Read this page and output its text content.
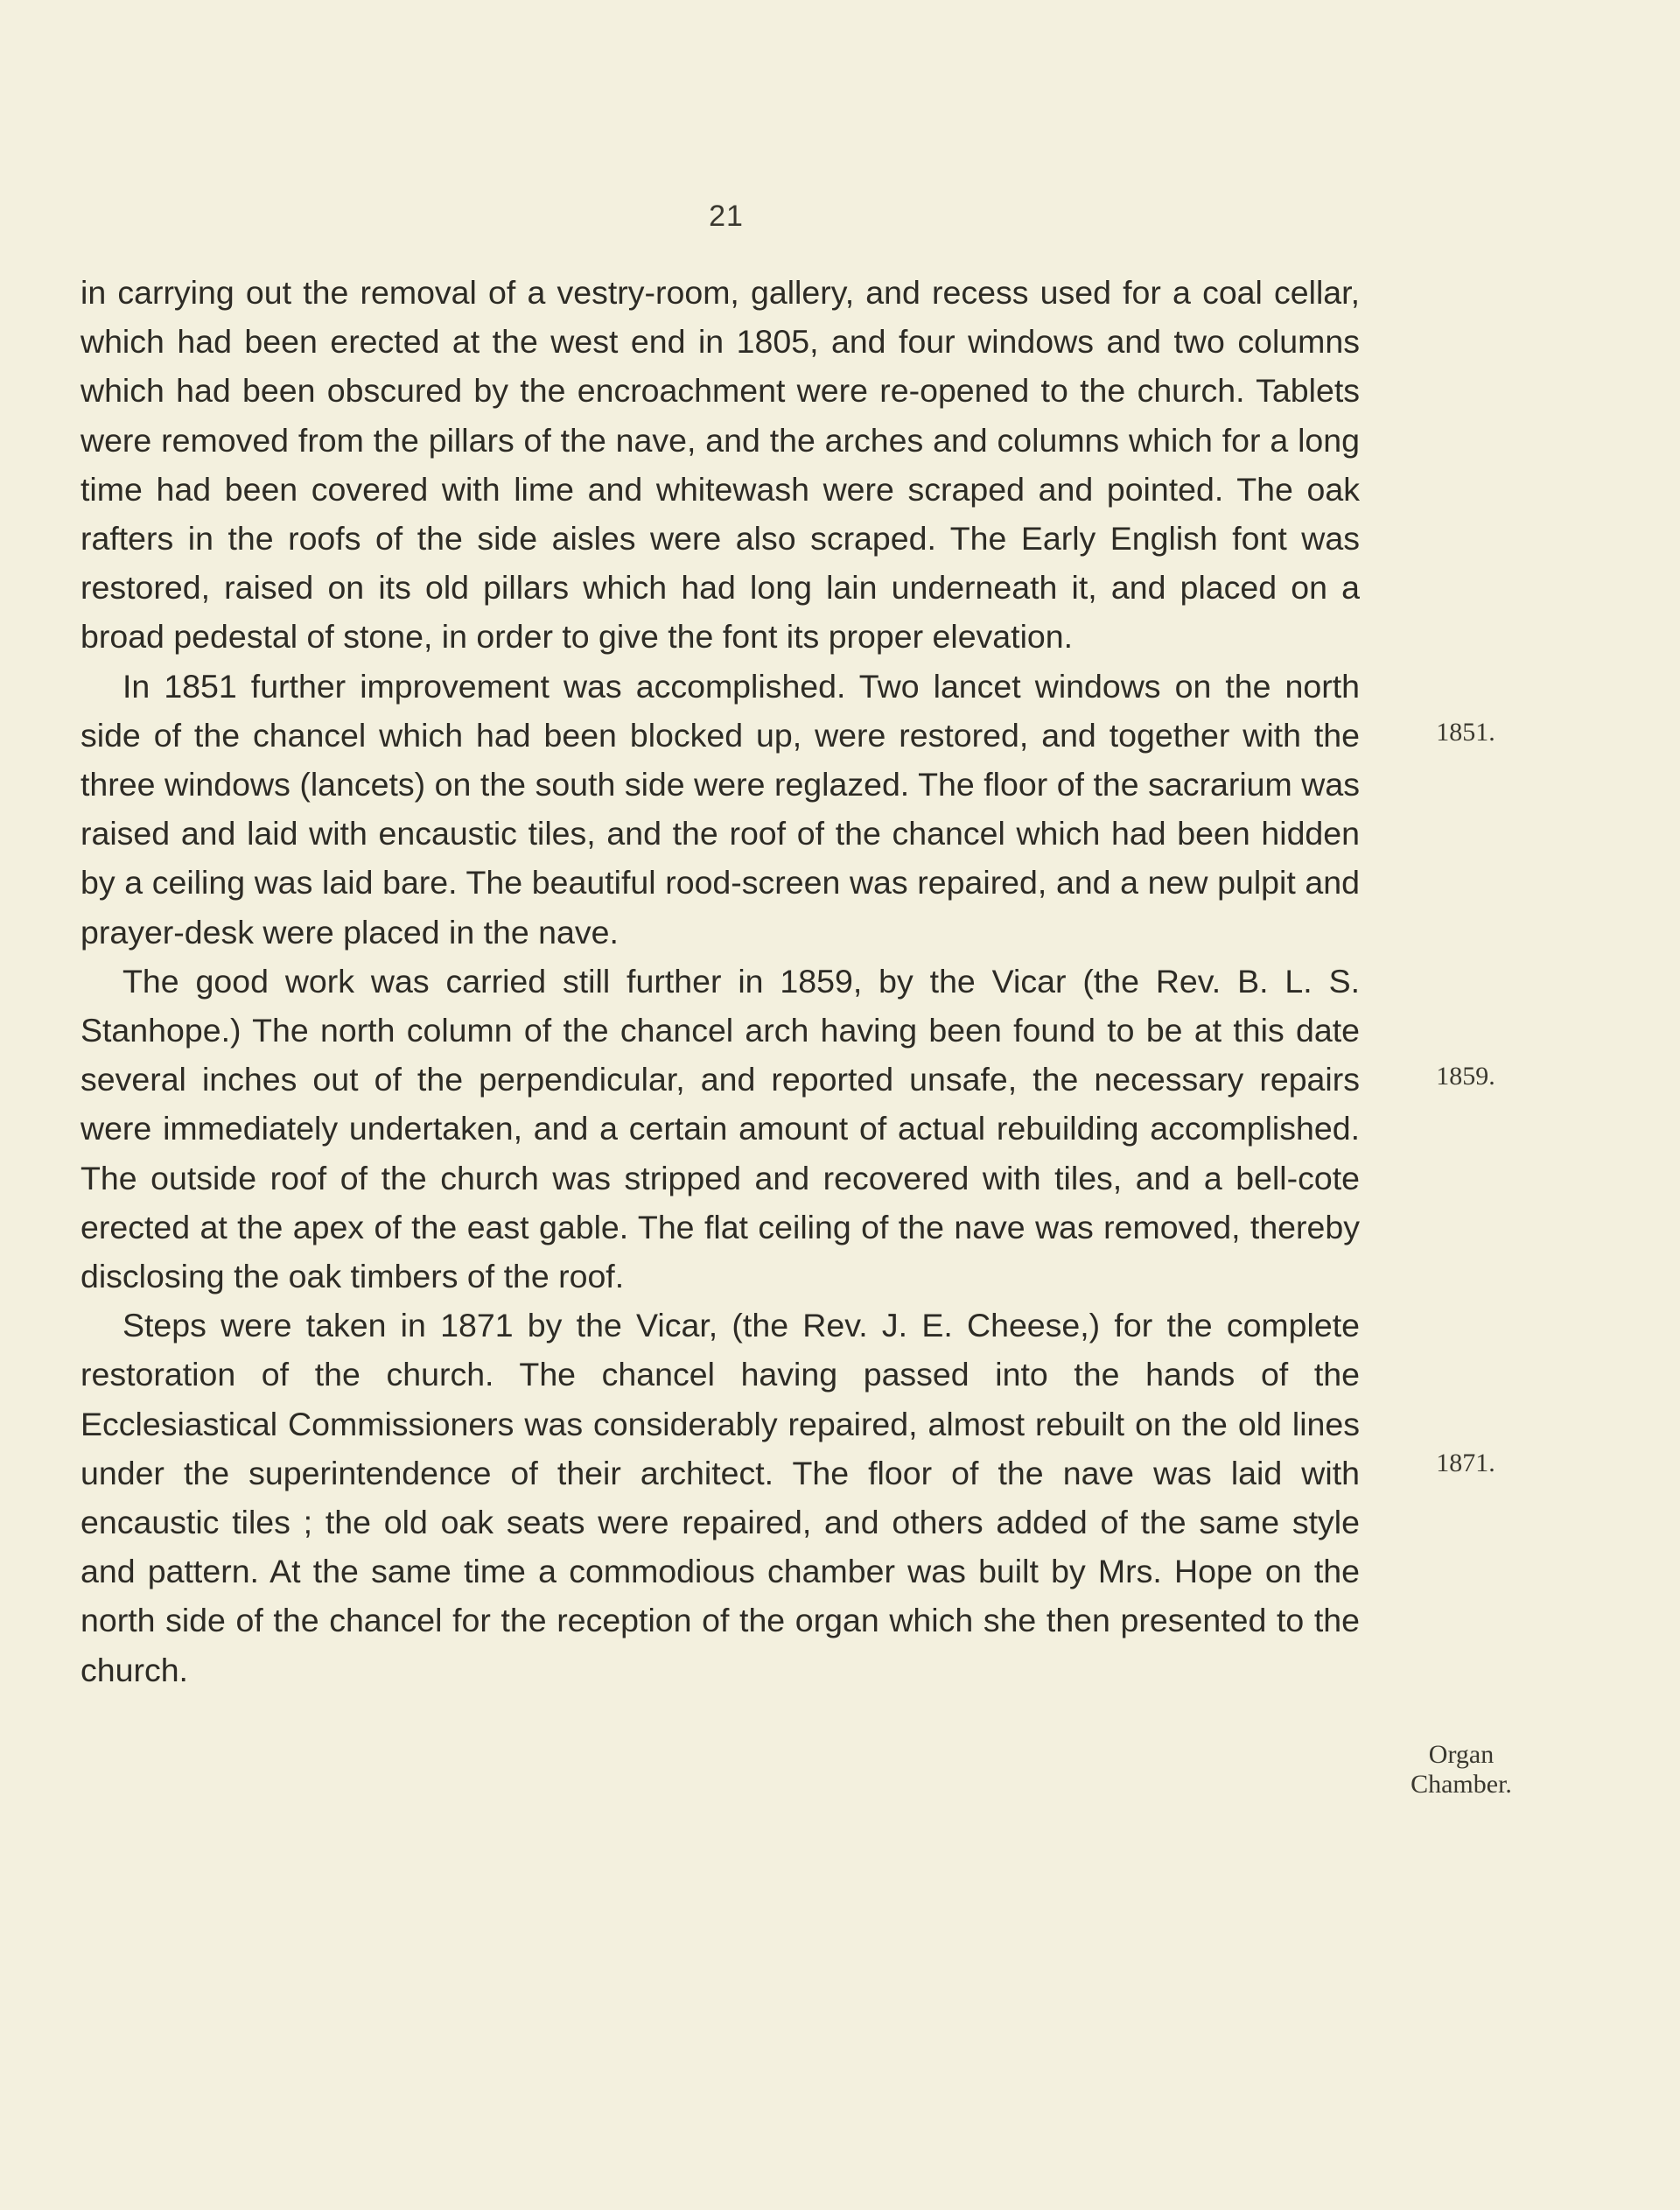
21

in carrying out the removal of a vestry-room, gallery, and recess used for a coal cellar, which had been erected at the west end in 1805, and four windows and two columns which had been obscured by the encroachment were re-opened to the church. Tablets were removed from the pillars of the nave, and the arches and columns which for a long time had been covered with lime and whitewash were scraped and pointed. The oak rafters in the roofs of the side aisles were also scraped. The Early English font was restored, raised on its old pillars which had long lain underneath it, and placed on a broad pedestal of stone, in order to give the font its proper elevation.

In 1851 further improvement was accomplished. Two lancet windows on the north side of the chancel which had been blocked up, were restored, and together with the three windows (lancets) on the south side were reglazed. The floor of the sacrarium was raised and laid with encaustic tiles, and the roof of the chancel which had been hidden by a ceiling was laid bare. The beautiful rood-screen was repaired, and a new pulpit and prayer-desk were placed in the nave.

The good work was carried still further in 1859, by the Vicar (the Rev. B. L. S. Stanhope.) The north column of the chancel arch having been found to be at this date several inches out of the perpendicular, and reported unsafe, the necessary repairs were immediately undertaken, and a certain amount of actual rebuilding accomplished. The outside roof of the church was stripped and recovered with tiles, and a bell-cote erected at the apex of the east gable. The flat ceiling of the nave was removed, thereby disclosing the oak timbers of the roof.

Steps were taken in 1871 by the Vicar, (the Rev. J. E. Cheese,) for the complete restoration of the church. The chancel having passed into the hands of the Ecclesiastical Commissioners was considerably repaired, almost rebuilt on the old lines under the superintendence of their architect. The floor of the nave was laid with encaustic tiles ; the old oak seats were repaired, and others added of the same style and pattern. At the same time a commodious chamber was built by Mrs. Hope on the north side of the chancel for the reception of the organ which she then presented to the church.

1851.
1859.
1871.
Organ
Chamber.
